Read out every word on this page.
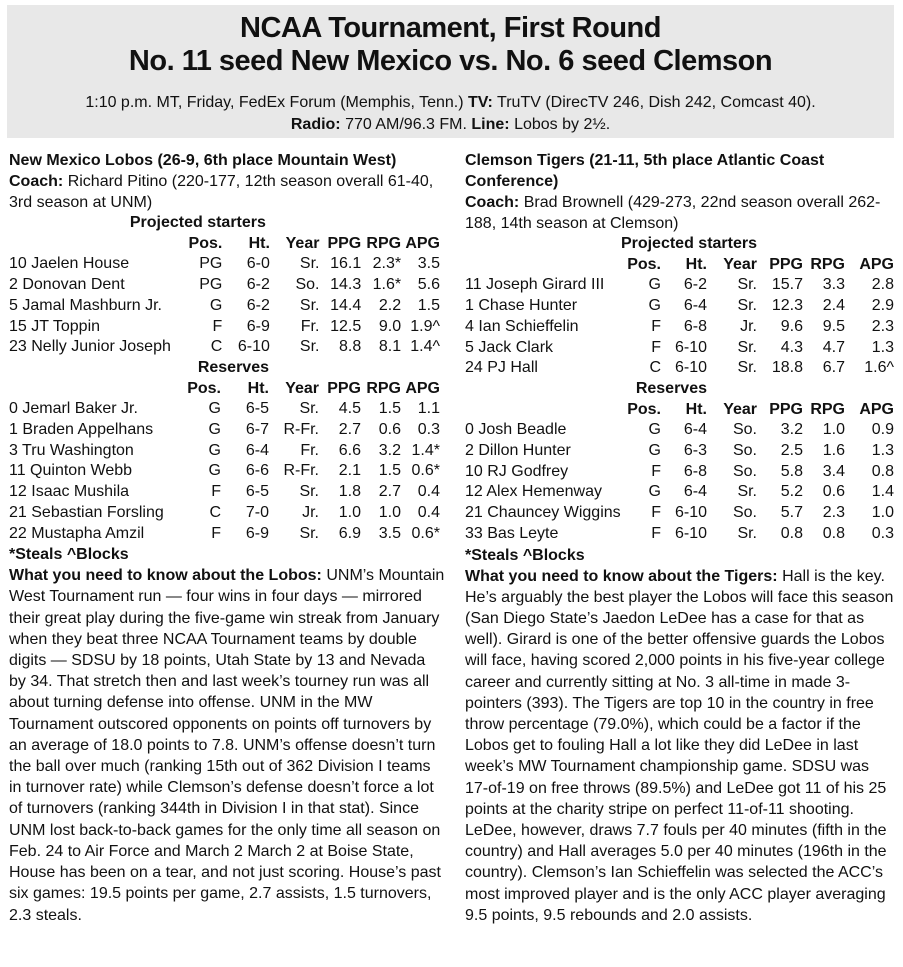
NCAA Tournament, First Round
No. 11 seed New Mexico vs. No. 6 seed Clemson
1:10 p.m. MT, Friday, FedEx Forum (Memphis, Tenn.) TV: TruTV (DirecTV 246, Dish 242, Comcast 40).
Radio: 770 AM/96.3 FM. Line: Lobos by 2½.

New Mexico Lobos (26-9, 6th place Mountain West)

Coach: Richard Pitino (220-177, 12th season overall 61-40, 3rd season at UNM)

Projected starters						
	Pos.	Ht.	Year	PPG	RPG	APG
10 Jaelen House	PG	6-0	Sr.	16.1	2.3*	3.5
2 Donovan Dent	PG	6-2	So.	14.3	1.6*	5.6
5 Jamal Mashburn Jr.	G	6-2	Sr.	14.4	2.2	1.5
15 JT Toppin	F	6-9	Fr.	12.5	9.0	1.9^
23 Nelly Junior Joseph	C	6-10	Sr.	8.8	8.1	1.4^
Reserves						
	Pos.	Ht.	Year	PPG	RPG	APG
0 Jemarl Baker Jr.	G	6-5	Sr.	4.5	1.5	1.1
1 Braden Appelhans	G	6-7	R-Fr.	2.7	0.6	0.3
3 Tru Washington	G	6-4	Fr.	6.6	3.2	1.4*
11 Quinton Webb	G	6-6	R-Fr.	2.1	1.5	0.6*
12 Isaac Mushila	F	6-5	Sr.	1.8	2.7	0.4
21 Sebastian Forsling	C	7-0	Jr.	1.0	1.0	0.4
22 Mustapha Amzil	F	6-9	Sr.	6.9	3.5	0.6*

*Steals ^Blocks

What you need to know about the Lobos: UNM’s Mountain West Tournament run — four wins in four days — mirrored their great play during the five-game win streak from January when they beat three NCAA Tournament teams by double digits — SDSU by 18 points, Utah State by 13 and Nevada by 34. That stretch then and last week’s tourney run was all about turning defense into offense. UNM in the MW Tournament outscored opponents on points off turnovers by an average of 18.0 points to 7.8. UNM’s offense doesn’t turn the ball over much (ranking 15th out of 362 Division I teams in turnover rate) while Clemson’s defense doesn’t force a lot of turnovers (ranking 344th in Division I in that stat). Since UNM lost back-to-back games for the only time all season on Feb. 24 to Air Force and March 2 March 2 at Boise State, House has been on a tear, and not just scoring. House’s past six games: 19.5 points per game, 2.7 assists, 1.5 turnovers, 2.3 steals.

Clemson Tigers (21-11, 5th place Atlantic Coast Conference)

Coach: Brad Brownell (429-273, 22nd season overall 262-188, 14th season at Clemson)

Projected starters						
	Pos.	Ht.	Year	PPG	RPG	APG
11 Joseph Girard III	G	6-2	Sr.	15.7	3.3	2.8
1 Chase Hunter	G	6-4	Sr.	12.3	2.4	2.9
4 Ian Schieffelin	F	6-8	Jr.	9.6	9.5	2.3
5 Jack Clark	F	6-10	Sr.	4.3	4.7	1.3
24 PJ Hall	C	6-10	Sr.	18.8	6.7	1.6^
Reserves						
	Pos.	Ht.	Year	PPG	RPG	APG
0 Josh Beadle	G	6-4	So.	3.2	1.0	0.9
2 Dillon Hunter	G	6-3	So.	2.5	1.6	1.3
10 RJ Godfrey	F	6-8	So.	5.8	3.4	0.8
12 Alex Hemenway	G	6-4	Sr.	5.2	0.6	1.4
21 Chauncey Wiggins	F	6-10	So.	5.7	2.3	1.0
33 Bas Leyte	F	6-10	Sr.	0.8	0.8	0.3

*Steals ^Blocks

What you need to know about the Tigers: Hall is the key. He’s arguably the best player the Lobos will face this season (San Diego State’s Jaedon LeDee has a case for that as well). Girard is one of the better offensive guards the Lobos will face, having scored 2,000 points in his five-year college career and currently sitting at No. 3 all-time in made 3-pointers (393). The Tigers are top 10 in the country in free throw percentage (79.0%), which could be a factor if the Lobos get to fouling Hall a lot like they did LeDee in last week’s MW Tournament championship game. SDSU was 17-of-19 on free throws (89.5%) and LeDee got 11 of his 25 points at the charity stripe on perfect 11-of-11 shooting. LeDee, however, draws 7.7 fouls per 40 minutes (fifth in the country) and Hall averages 5.0 per 40 minutes (196th in the country). Clemson’s Ian Schieffelin was selected the ACC’s most improved player and is the only ACC player averaging 9.5 points, 9.5 rebounds and 2.0 assists.
